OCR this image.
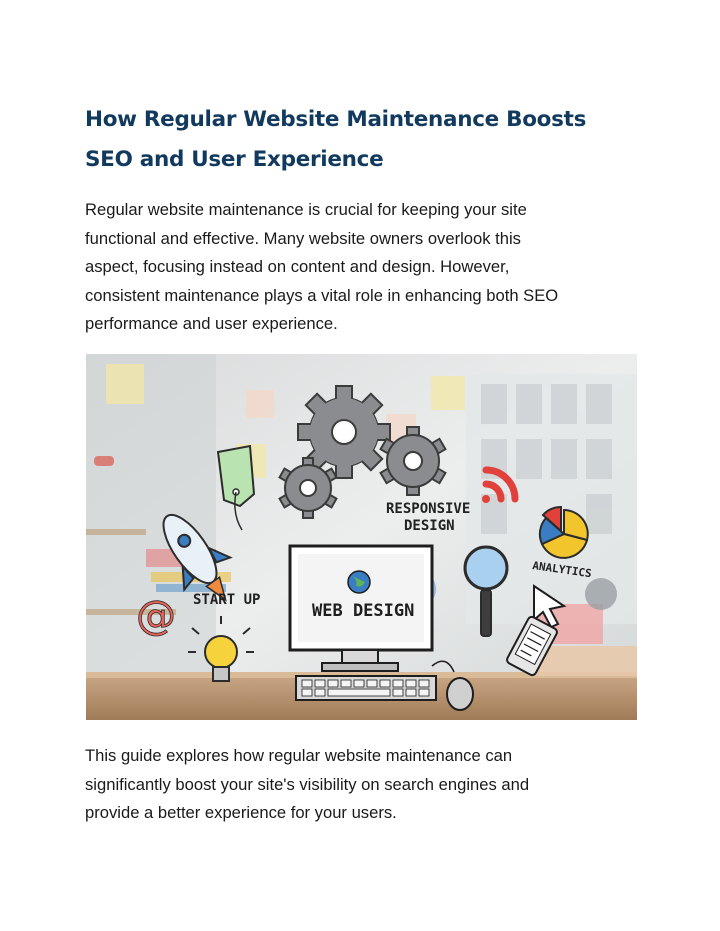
How Regular Website Maintenance Boosts
SEO and User Experience
Regular website maintenance is crucial for keeping your site
functional and effective. Many website owners overlook this
aspect, focusing instead on content and design. However,
consistent maintenance plays a vital role in enhancing both SEO
performance and user experience.
RESPONSIVE
DESIGN
START UP
@	WEB DESIGN
ANALYTICS
This guide explores how regular website maintenance can
significantly boost your site's visibility on search engines and
provide a better experience for your users.
